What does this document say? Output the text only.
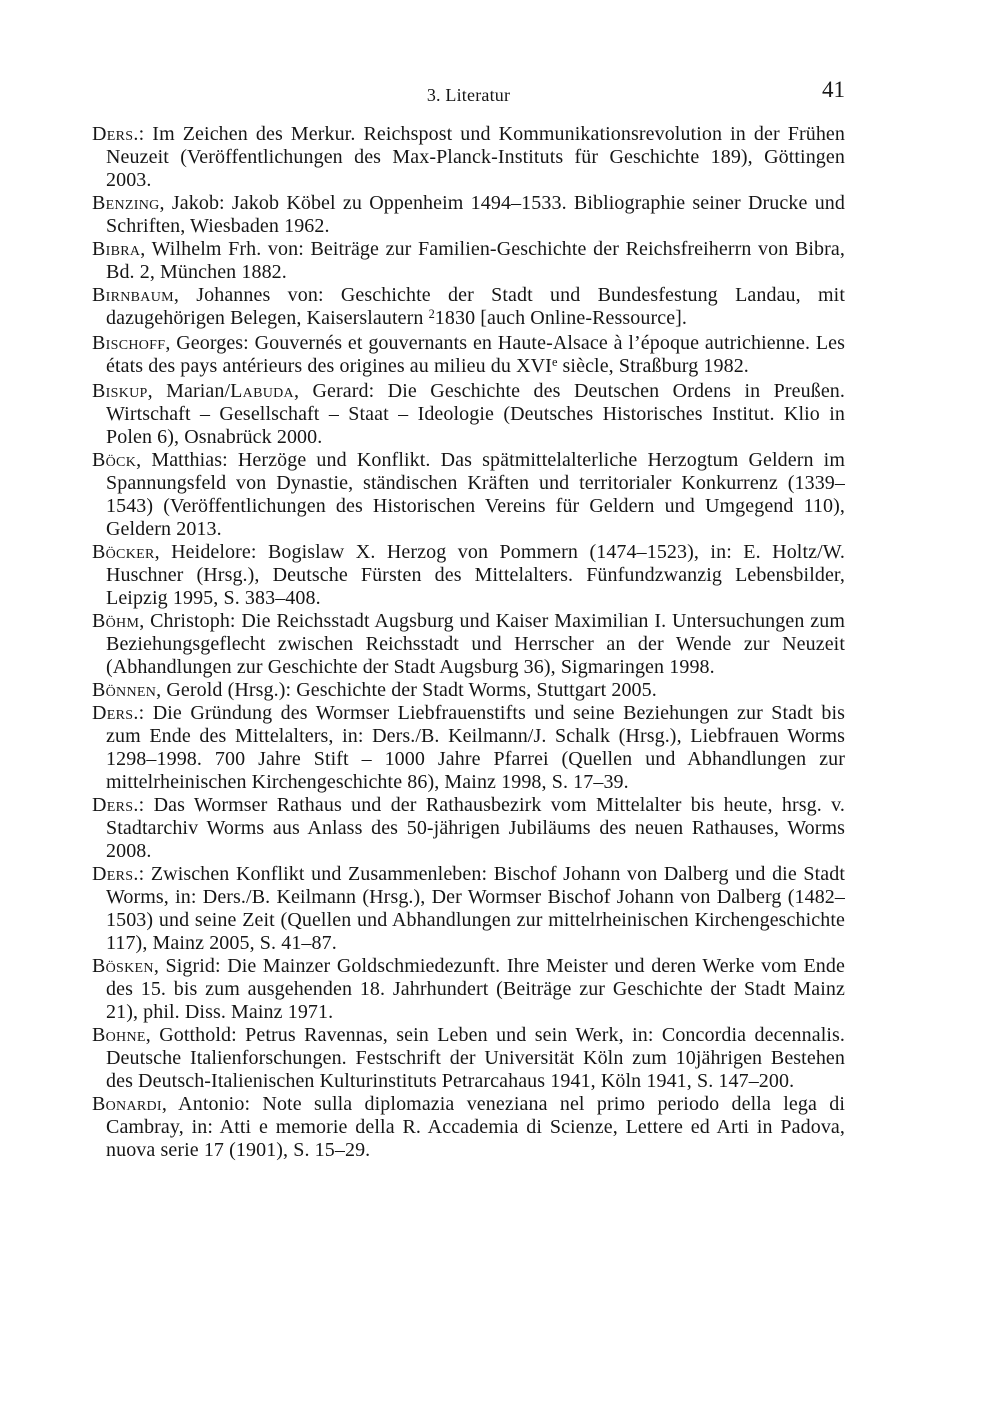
3. Literatur	41

Ders.: Im Zeichen des Merkur. Reichspost und Kommunikationsrevolution in der Frühen Neuzeit (Veröffentlichungen des Max-Planck-Instituts für Geschichte 189), Göttingen 2003.

Benzing, Jakob: Jakob Köbel zu Oppenheim 1494–1533. Bibliographie seiner Drucke und Schriften, Wiesbaden 1962.

Bibra, Wilhelm Frh. von: Beiträge zur Familien-Geschichte der Reichsfreiherrn von Bibra, Bd. 2, München 1882.

Birnbaum, Johannes von: Geschichte der Stadt und Bundesfestung Landau, mit dazugehörigen Belegen, Kaiserslautern $^2$1830 [auch Online-Ressource].

Bischoff, Georges: Gouvernés et gouvernants en Haute-Alsace à l’époque autrichienne. Les états des pays antérieurs des origines au milieu du XVIe siècle, Straßburg 1982.

Biskup, Marian/Labuda, Gerard: Die Geschichte des Deutschen Ordens in Preußen. Wirtschaft – Gesellschaft – Staat – Ideologie (Deutsches Historisches Institut. Klio in Polen 6), Osnabrück 2000.

Böck, Matthias: Herzöge und Konflikt. Das spätmittelalterliche Herzogtum Geldern im Spannungsfeld von Dynastie, ständischen Kräften und territorialer Konkurrenz (1339–1543) (Veröffentlichungen des Historischen Vereins für Geldern und Umgegend 110), Geldern 2013.

Böcker, Heidelore: Bogislaw X. Herzog von Pommern (1474–1523), in: E. Holtz/W. Huschner (Hrsg.), Deutsche Fürsten des Mittelalters. Fünfundzwanzig Lebensbilder, Leipzig 1995, S. 383–408.

Böhm, Christoph: Die Reichsstadt Augsburg und Kaiser Maximilian I. Untersuchungen zum Beziehungsgeflecht zwischen Reichsstadt und Herrscher an der Wende zur Neuzeit (Abhandlungen zur Geschichte der Stadt Augsburg 36), Sigmaringen 1998.

Bönnen, Gerold (Hrsg.): Geschichte der Stadt Worms, Stuttgart 2005.

Ders.: Die Gründung des Wormser Liebfrauenstifts und seine Beziehungen zur Stadt bis zum Ende des Mittelalters, in: Ders./B. Keilmann/J. Schalk (Hrsg.), Liebfrauen Worms 1298–1998. 700 Jahre Stift – 1000 Jahre Pfarrei (Quellen und Abhandlungen zur mittelrheinischen Kirchengeschichte 86), Mainz 1998, S. 17–39.

Ders.: Das Wormser Rathaus und der Rathausbezirk vom Mittelalter bis heute, hrsg. v. Stadtarchiv Worms aus Anlass des 50-jährigen Jubiläums des neuen Rathauses, Worms 2008.

Ders.: Zwischen Konflikt und Zusammenleben: Bischof Johann von Dalberg und die Stadt Worms, in: Ders./B. Keilmann (Hrsg.), Der Wormser Bischof Johann von Dalberg (1482–1503) und seine Zeit (Quellen und Abhandlungen zur mittelrheinischen Kirchengeschichte 117), Mainz 2005, S. 41–87.

Bösken, Sigrid: Die Mainzer Goldschmiedezunft. Ihre Meister und deren Werke vom Ende des 15. bis zum ausgehenden 18. Jahrhundert (Beiträge zur Geschichte der Stadt Mainz 21), phil. Diss. Mainz 1971.

Bohne, Gotthold: Petrus Ravennas, sein Leben und sein Werk, in: Concordia decennalis. Deutsche Italienforschungen. Festschrift der Universität Köln zum 10jährigen Bestehen des Deutsch-Italienischen Kulturinstituts Petrarcahaus 1941, Köln 1941, S. 147–200.

Bonardi, Antonio: Note sulla diplomazia veneziana nel primo periodo della lega di Cambray, in: Atti e memorie della R. Accademia di Scienze, Lettere ed Arti in Padova, nuova serie 17 (1901), S. 15–29.
